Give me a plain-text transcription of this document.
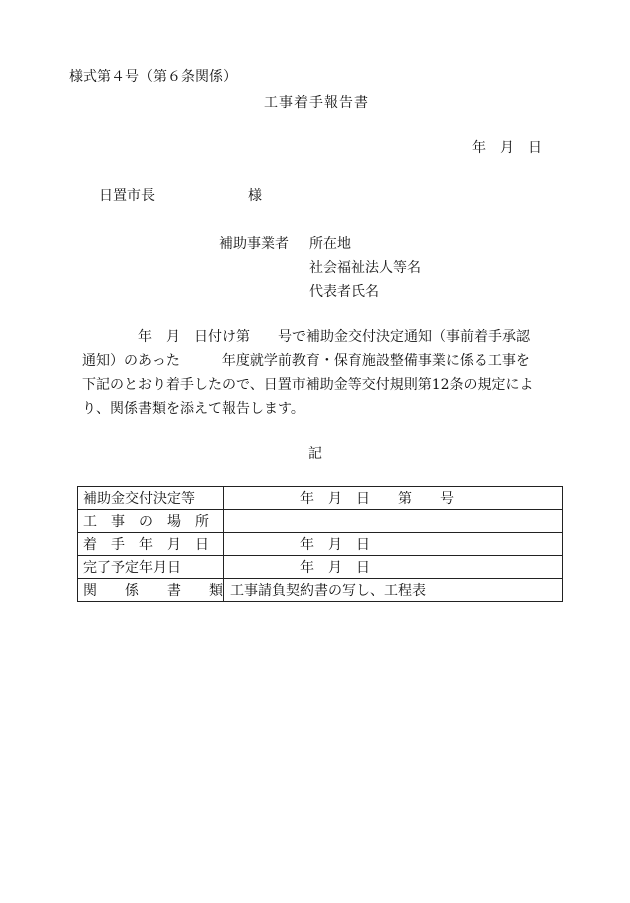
様式第４号（第６条関係）
工事着手報告書
年　月　日
日置市長	様
補助事業者 所在地
社会福祉法人等名
代表者氏名
　　　　年　月　日付け第　　号で補助金交付決定通知（事前着手承認
通知）のあった　　　年度就学前教育・保育施設整備事業に係る工事を
下記のとおり着手したので、日置市補助金等交付規則第12条の規定によ
り、関係書類を添えて報告します。
記
補助金交付決定等	　　　　　年　月　日　　第　　号
工　事　の　場　所	
着　手　年　月　日	　　　　　年　月　日
完了予定年月日	　　　　　年　月　日
関　　係　　書　　類	工事請負契約書の写し、工程表
